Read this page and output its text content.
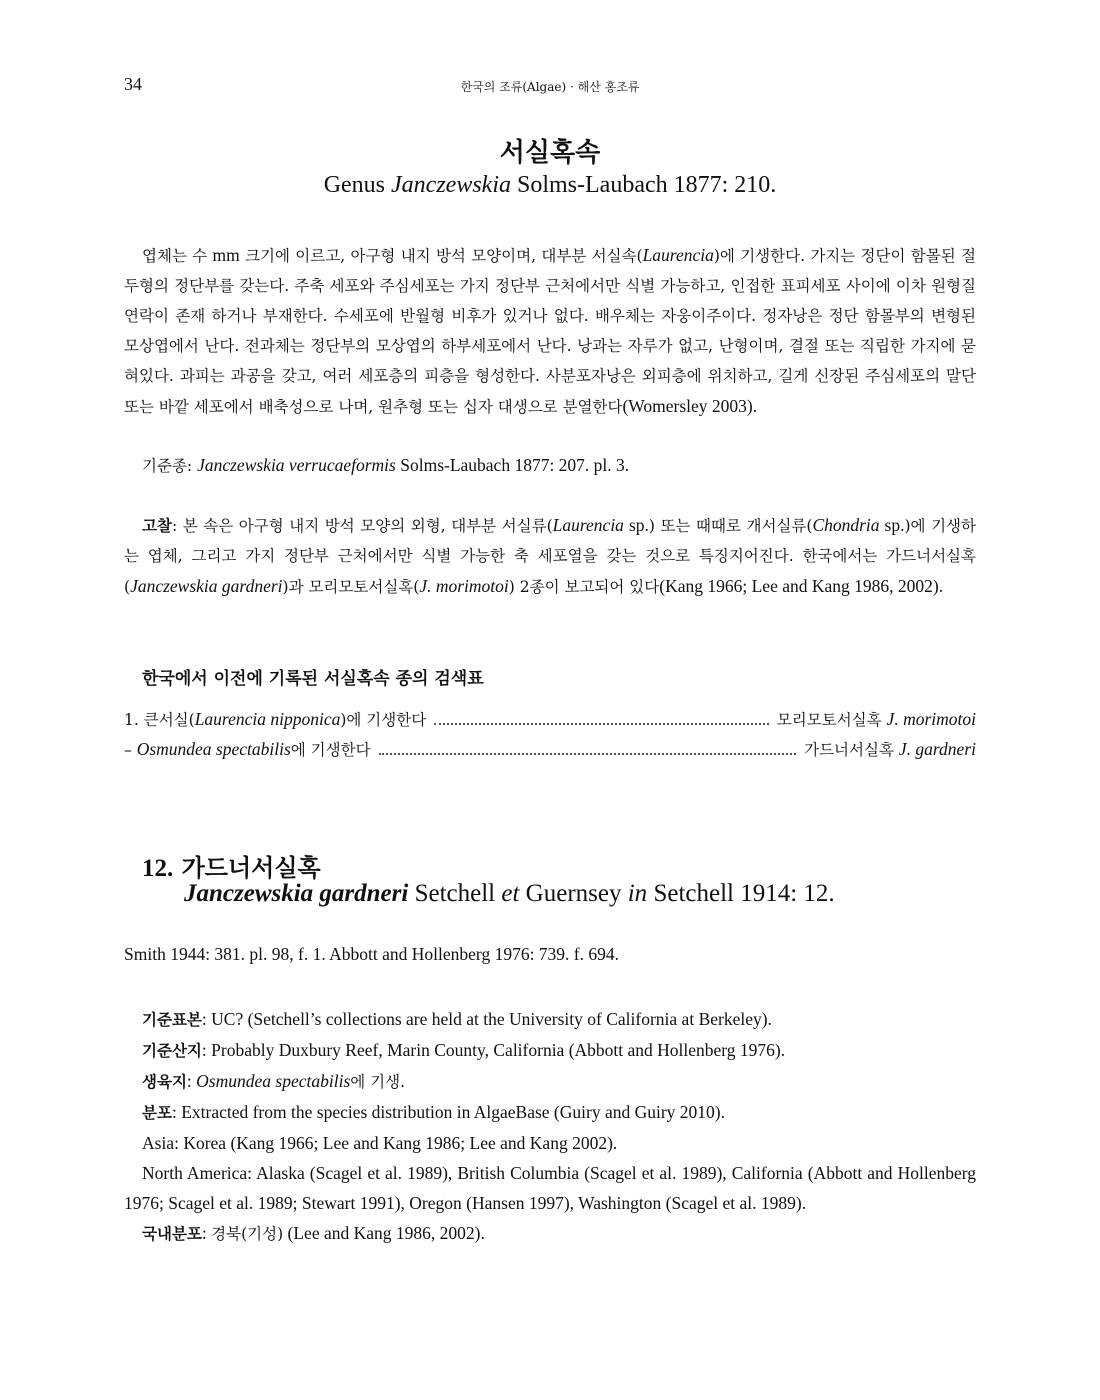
34	한국의 조류(Algae) · 해산 홍조류
서실혹속
Genus Janczewskia Solms-Laubach 1877: 210.
엽체는 수 mm 크기에 이르고, 아구형 내지 방석 모양이며, 대부분 서실속(Laurencia)에 기생한다. 가지는 정단이 함몰된 절두형의 정단부를 갖는다. 주축 세포와 주심세포는 가지 정단부 근처에서만 식별 가능하고, 인접한 표피세포 사이에 이차 원형질 연락이 존재 하거나 부재한다. 수세포에 반월형 비후가 있거나 없다. 배우체는 자웅이주이다. 정자낭은 정단 함몰부의 변형된 모상엽에서 난다. 전과체는 정단부의 모상엽의 하부세포에서 난다. 낭과는 자루가 없고, 난형이며, 결절 또는 직립한 가지에 묻혀있다. 과피는 과공을 갖고, 여러 세포층의 피층을 형성한다. 사분포자낭은 외피층에 위치하고, 길게 신장된 주심세포의 말단 또는 바깥 세포에서 배축성으로 나며, 원추형 또는 십자 대생으로 분열한다(Womersley 2003).
기준종: Janczewskia verrucaeformis Solms-Laubach 1877: 207. pl. 3.
고찰: 본 속은 아구형 내지 방석 모양의 외형, 대부분 서실류(Laurencia sp.) 또는 때때로 개서실류(Chondria sp.)에 기생하는 엽체, 그리고 가지 정단부 근처에서만 식별 가능한 축 세포열을 갖는 것으로 특징지어진다. 한국에서는 가드너서실혹(Janczewskia gardneri)과 모리모토서실혹(J. morimotoi) 2종이 보고되어 있다(Kang 1966; Lee and Kang 1986, 2002).
한국에서 이전에 기록된 서실혹속 종의 검색표
1. 큰서실(Laurencia nipponica)에 기생한다	모리모토서실혹 J. morimotoi
– Osmundea spectabilis에 기생한다	가드너서실혹 J. gardneri
12. 가드너서실혹
Janczewskia gardneri Setchell et Guernsey in Setchell 1914: 12.
Smith 1944: 381. pl. 98, f. 1. Abbott and Hollenberg 1976: 739. f. 694.

기준표본: UC? (Setchell’s collections are held at the University of California at Berkeley).

기준산지: Probably Duxbury Reef, Marin County, California (Abbott and Hollenberg 1976).

생육지: Osmundea spectabilis에 기생.

분포: Extracted from the species distribution in AlgaeBase (Guiry and Guiry 2010).

Asia: Korea (Kang 1966; Lee and Kang 1986; Lee and Kang 2002).

North America: Alaska (Scagel et al. 1989), British Columbia (Scagel et al. 1989), California (Abbott and Hollenberg 1976; Scagel et al. 1989; Stewart 1991), Oregon (Hansen 1997), Washington (Scagel et al. 1989).

국내분포: 경북(기성) (Lee and Kang 1986, 2002).
